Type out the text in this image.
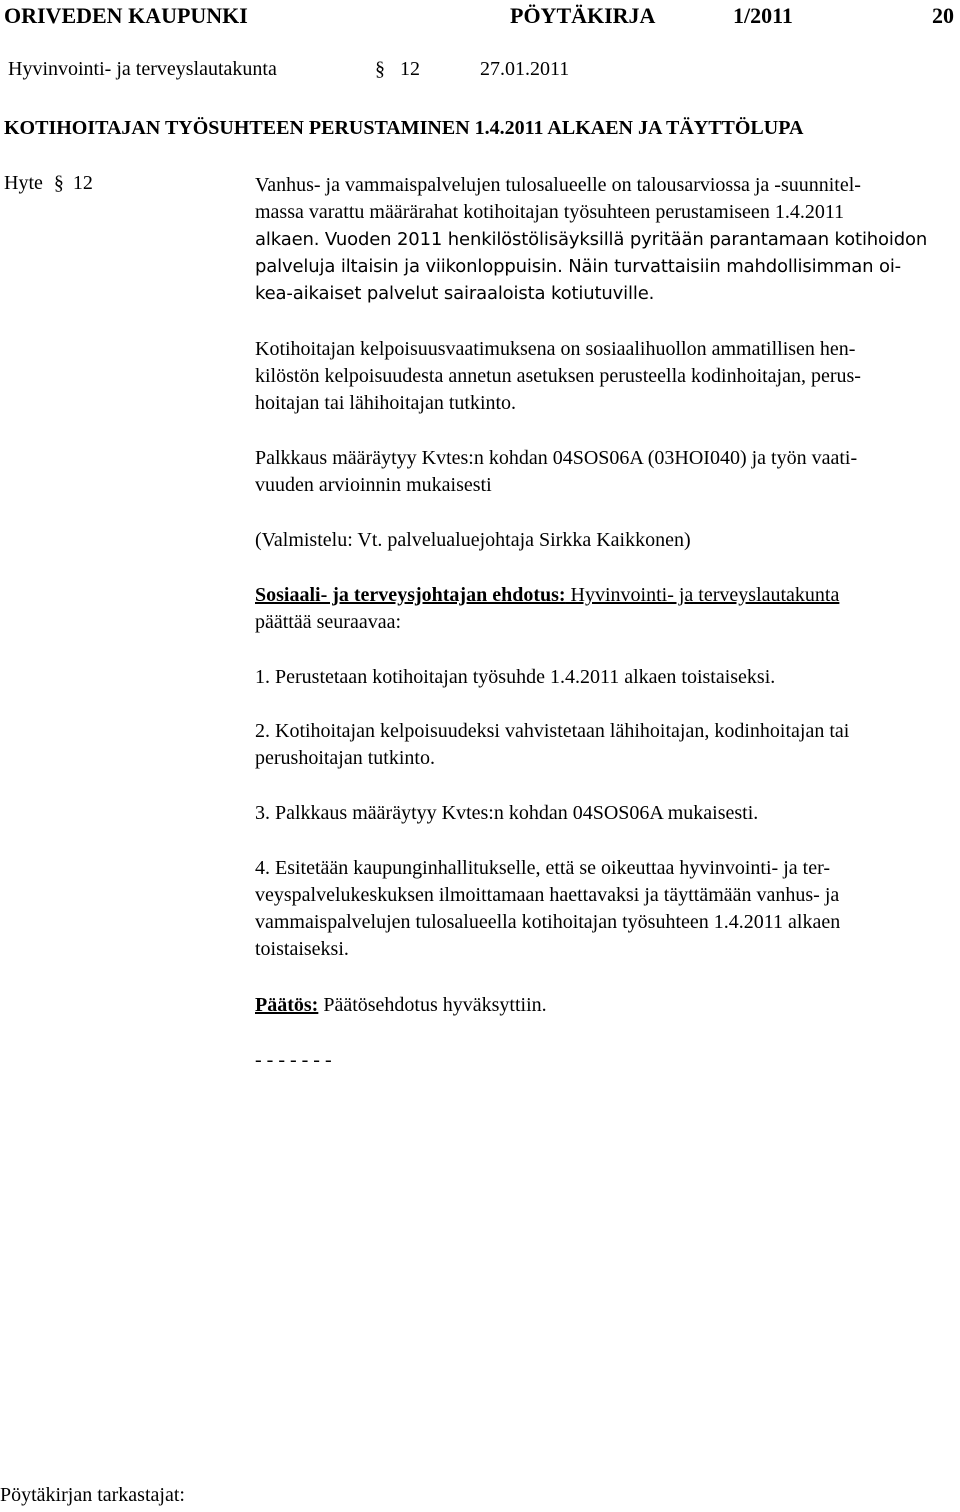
ORIVEDEN KAUPUNKI	PÖYTÄKIRJA	1/2011	20
Hyvinvointi- ja terveyslautakunta	§ 12	27.01.2011
KOTIHOITAJAN TYÖSUHTEEN PERUSTAMINEN 1.4.2011 ALKAEN JA TÄYTTÖLUPA
Hyte § 12	Vanhus- ja vammaispalvelujen tulosalueelle on talousarviossa ja -suunnitel-
massa varattu määrärahat kotihoitajan työsuhteen perustamiseen 1.4.2011
alkaen. Vuoden 2011 henkilöstölisäyksillä pyritään parantamaan kotihoidon
palveluja iltaisin ja viikonloppuisin. Näin turvattaisiin mahdollisimman oi-
kea-aikaiset palvelut sairaaloista kotiutuville.
Kotihoitajan kelpoisuusvaatimuksena on sosiaalihuollon ammatillisen hen-
kilöstön kelpoisuudesta annetun asetuksen perusteella kodinhoitajan, perus-
hoitajan tai lähihoitajan tutkinto.
Palkkaus määräytyy Kvtes:n kohdan 04SOS06A (03HOI040) ja työn vaati-
vuuden arvioinnin mukaisesti
(Valmistelu: Vt. palvelualuejohtaja Sirkka Kaikkonen)
Sosiaali- ja terveysjohtajan ehdotus: Hyvinvointi- ja terveyslautakunta
päättää seuraavaa:
1. Perustetaan kotihoitajan työsuhde 1.4.2011 alkaen toistaiseksi.
2. Kotihoitajan kelpoisuudeksi vahvistetaan lähihoitajan, kodinhoitajan tai
perushoitajan tutkinto.
3. Palkkaus määräytyy Kvtes:n kohdan 04SOS06A mukaisesti.
4. Esitetään kaupunginhallitukselle, että se oikeuttaa hyvinvointi- ja ter-
veyspalvelukeskuksen ilmoittamaan haettavaksi ja täyttämään vanhus- ja
vammaispalvelujen tulosalueella kotihoitajan työsuhteen 1.4.2011 alkaen
toistaiseksi.
Päätös: Päätösehdotus hyväksyttiin.
- - - - - - -
Pöytäkirjan tarkastajat:
